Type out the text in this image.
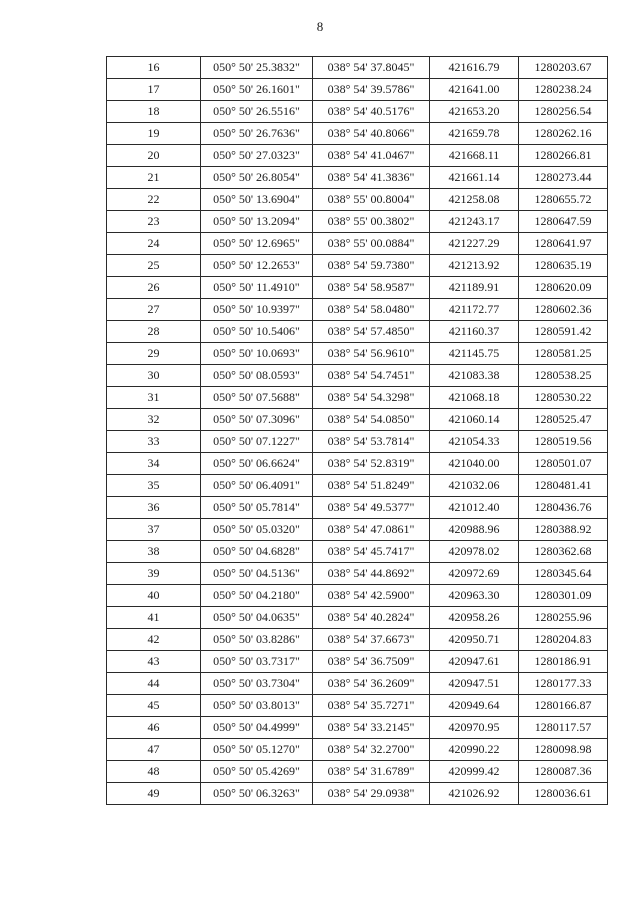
8
16	050° 50' 25.3832"	038° 54' 37.8045"	421616.79	1280203.67
17	050° 50' 26.1601"	038° 54' 39.5786"	421641.00	1280238.24
18	050° 50' 26.5516"	038° 54' 40.5176"	421653.20	1280256.54
19	050° 50' 26.7636"	038° 54' 40.8066"	421659.78	1280262.16
20	050° 50' 27.0323"	038° 54' 41.0467"	421668.11	1280266.81
21	050° 50' 26.8054"	038° 54' 41.3836"	421661.14	1280273.44
22	050° 50' 13.6904"	038° 55' 00.8004"	421258.08	1280655.72
23	050° 50' 13.2094"	038° 55' 00.3802"	421243.17	1280647.59
24	050° 50' 12.6965"	038° 55' 00.0884"	421227.29	1280641.97
25	050° 50' 12.2653"	038° 54' 59.7380"	421213.92	1280635.19
26	050° 50' 11.4910"	038° 54' 58.9587"	421189.91	1280620.09
27	050° 50' 10.9397"	038° 54' 58.0480"	421172.77	1280602.36
28	050° 50' 10.5406"	038° 54' 57.4850"	421160.37	1280591.42
29	050° 50' 10.0693"	038° 54' 56.9610"	421145.75	1280581.25
30	050° 50' 08.0593"	038° 54' 54.7451"	421083.38	1280538.25
31	050° 50' 07.5688"	038° 54' 54.3298"	421068.18	1280530.22
32	050° 50' 07.3096"	038° 54' 54.0850"	421060.14	1280525.47
33	050° 50' 07.1227"	038° 54' 53.7814"	421054.33	1280519.56
34	050° 50' 06.6624"	038° 54' 52.8319"	421040.00	1280501.07
35	050° 50' 06.4091"	038° 54' 51.8249"	421032.06	1280481.41
36	050° 50' 05.7814"	038° 54' 49.5377"	421012.40	1280436.76
37	050° 50' 05.0320"	038° 54' 47.0861"	420988.96	1280388.92
38	050° 50' 04.6828"	038° 54' 45.7417"	420978.02	1280362.68
39	050° 50' 04.5136"	038° 54' 44.8692"	420972.69	1280345.64
40	050° 50' 04.2180"	038° 54' 42.5900"	420963.30	1280301.09
41	050° 50' 04.0635"	038° 54' 40.2824"	420958.26	1280255.96
42	050° 50' 03.8286"	038° 54' 37.6673"	420950.71	1280204.83
43	050° 50' 03.7317"	038° 54' 36.7509"	420947.61	1280186.91
44	050° 50' 03.7304"	038° 54' 36.2609"	420947.51	1280177.33
45	050° 50' 03.8013"	038° 54' 35.7271"	420949.64	1280166.87
46	050° 50' 04.4999"	038° 54' 33.2145"	420970.95	1280117.57
47	050° 50' 05.1270"	038° 54' 32.2700"	420990.22	1280098.98
48	050° 50' 05.4269"	038° 54' 31.6789"	420999.42	1280087.36
49	050° 50' 06.3263"	038° 54' 29.0938"	421026.92	1280036.61
